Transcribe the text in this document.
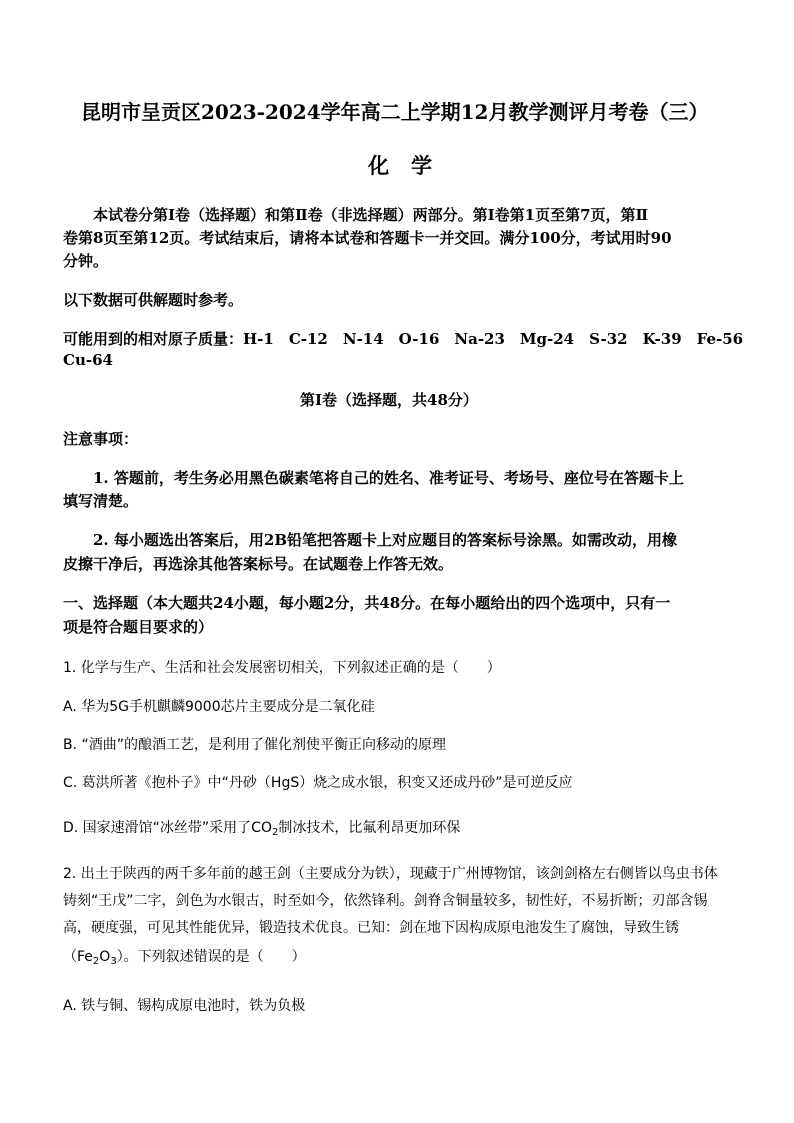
昆明市呈贡区2023-2024学年高二上学期12月教学测评月考卷（三）
化学
本试卷分第Ⅰ卷（选择题）和第Ⅱ卷（非选择题）两部分。第Ⅰ卷第1页至第7页，第Ⅱ
卷第8页至第12页。考试结束后，请将本试卷和答题卡一并交回。满分100分，考试用时90
分钟。
以下数据可供解题时参考。
可能用到的相对原子质量：H-1　C-12　N-14　O-16　Na-23　Mg-24　S-32　K-39　Fe-56
Cu-64
第Ⅰ卷（选择题，共48分）
注意事项：
1. 答题前，考生务必用黑色碳素笔将自己的姓名、准考证号、考场号、座位号在答题卡上
填写清楚。
2. 每小题选出答案后，用2B铅笔把答题卡上对应题目的答案标号涂黑。如需改动，用橡
皮擦干净后，再选涂其他答案标号。在试题卷上作答无效。
一、选择题（本大题共24小题，每小题2分，共48分。在每小题给出的四个选项中，只有一
项是符合题目要求的）
1. 化学与生产、生活和社会发展密切相关，下列叙述正确的是（　　）
A. 华为5G手机麒麟9000芯片主要成分是二氧化硅
B. “酒曲”的酿酒工艺，是利用了催化剂使平衡正向移动的原理
C. 葛洪所著《抱朴子》中“丹砂（HgS）烧之成水银，积变又还成丹砂”是可逆反应
D. 国家速滑馆“冰丝带”采用了$CO_2$制冰技术，比氟利昂更加环保
2. 出土于陕西的两千多年前的越王剑（主要成分为铁），现藏于广州博物馆，该剑剑格左右侧皆以鸟虫书体
铸刻“王戊”二字，剑色为水银古，时至如今，依然锋利。剑脊含铜量较多，韧性好，不易折断；刃部含锡
高，硬度强，可见其性能优异，锻造技术优良。已知：剑在地下因构成原电池发生了腐蚀，导致生锈
$(Fe_2O_3)$。下列叙述错误的是（　　）
A. 铁与铜、锡构成原电池时，铁为负极
